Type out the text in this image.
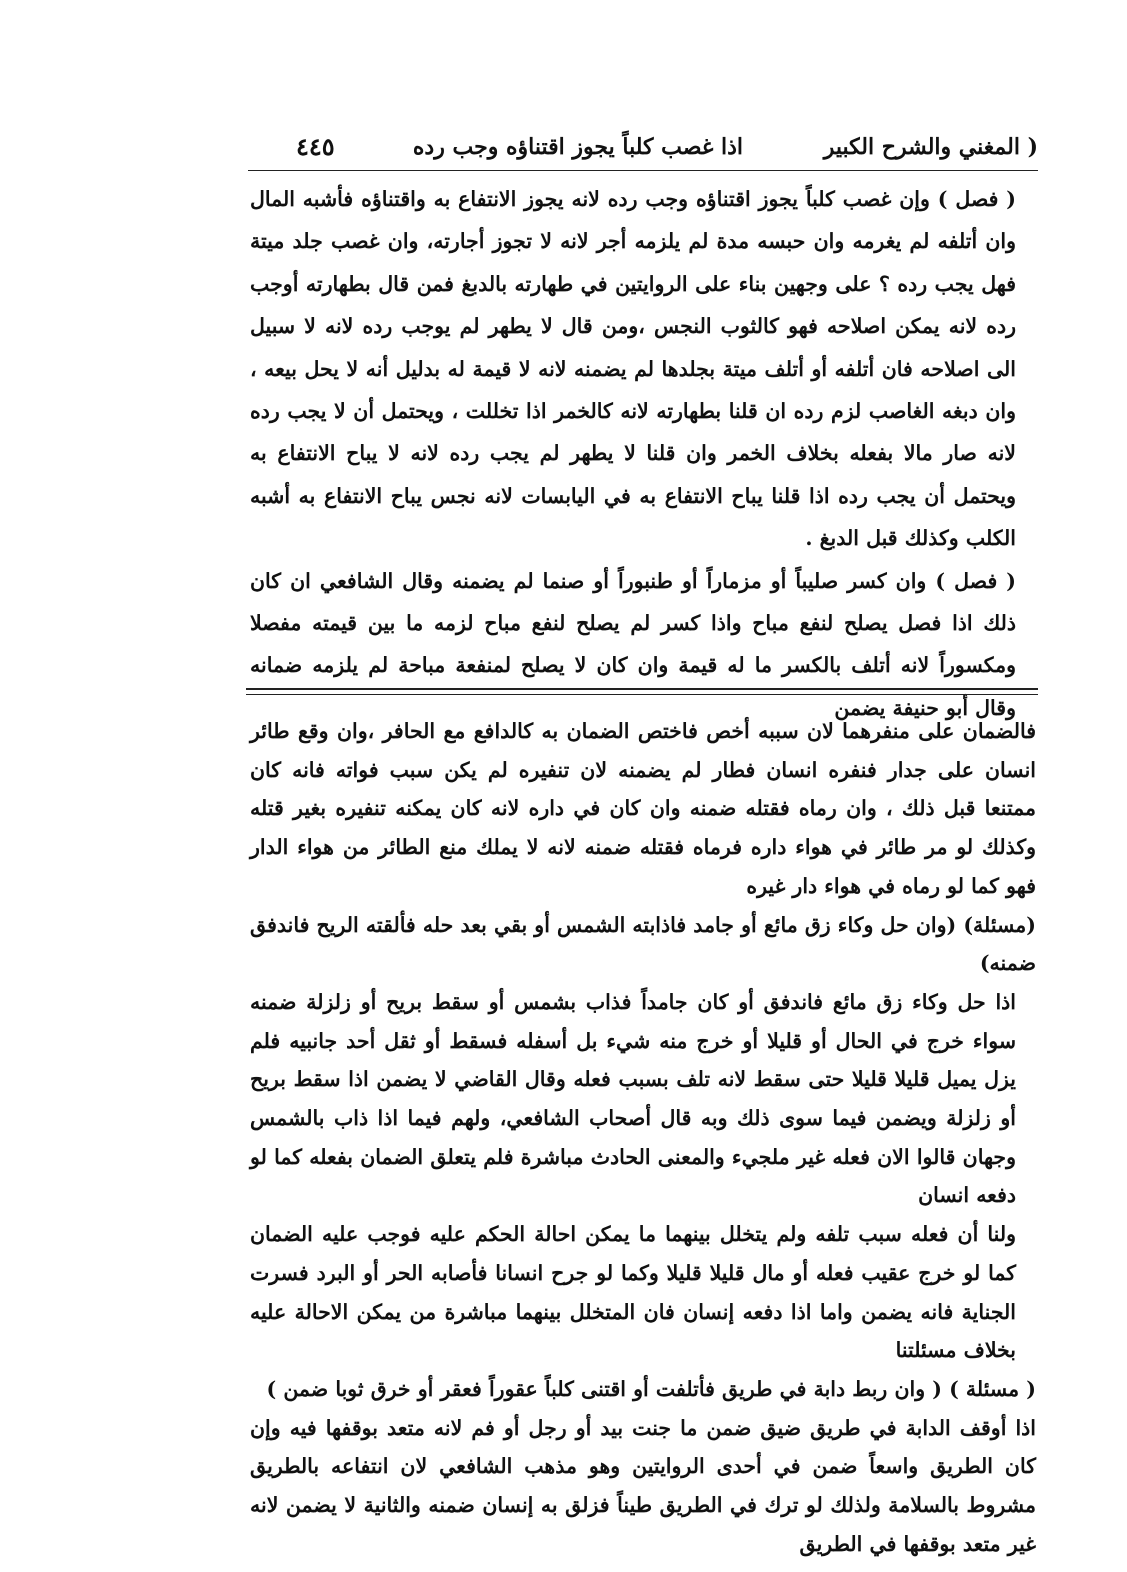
( المغني والشرح الكبير
اذا غصب كلباً يجوز اقتناؤه وجب رده
٤٤٥

( فصل ) وإن غصب كلباً يجوز اقتناؤه وجب رده لانه يجوز الانتفاع به واقتناؤه فأشبه المال وان أتلفه لم يغرمه وان حبسه مدة لم يلزمه أجر لانه لا تجوز أجارته، وان غصب جلد ميتة فهل يجب رده ؟ على وجهين بناء على الروايتين في طهارته بالدبغ فمن قال بطهارته أوجب رده لانه يمكن اصلاحه فهو كالثوب النجس ،ومن قال لا يطهر لم يوجب رده لانه لا سبيل الى اصلاحه فان أتلفه أو أتلف ميتة بجلدها لم يضمنه لانه لا قيمة له بدليل أنه لا يحل بيعه ، وان دبغه الغاصب لزم رده ان قلنا بطهارته لانه كالخمر اذا تخللت ، ويحتمل أن لا يجب رده لانه صار مالا بفعله بخلاف الخمر وان قلنا لا يطهر لم يجب رده لانه لا يباح الانتفاع به ويحتمل أن يجب رده اذا قلنا يباح الانتفاع به في اليابسات لانه نجس يباح الانتفاع به أشبه الكلب وكذلك قبل الدبغ .

( فصل ) وان كسر صليباً أو مزماراً أو طنبوراً أو صنما لم يضمنه وقال الشافعي ان كان ذلك اذا فصل يصلح لنفع مباح واذا كسر لم يصلح لنفع مباح لزمه ما بين قيمته مفصلا ومكسوراً لانه أتلف بالكسر ما له قيمة وان كان لا يصلح لمنفعة مباحة لم يلزمه ضمانه وقال أبو حنيفة يضمن

فالضمان على منفرهما لان سببه أخص فاختص الضمان به كالدافع مع الحافر ،وان وقع طائر انسان على جدار فنفره انسان فطار لم يضمنه لان تنفيره لم يكن سبب فواته فانه كان ممتنعا قبل ذلك ، وان رماه فقتله ضمنه وان كان في داره لانه كان يمكنه تنفيره بغير قتله وكذلك لو مر طائر في هواء داره فرماه فقتله ضمنه لانه لا يملك منع الطائر من هواء الدار فهو كما لو رماه في هواء دار غيره

(مسئلة) (وان حل وكاء زق مائع أو جامد فاذابته الشمس أو بقي بعد حله فألقته الريح فاندفق ضمنه)

اذا حل وكاء زق مائع فاندفق أو كان جامداً فذاب بشمس أو سقط بريح أو زلزلة ضمنه سواء خرج في الحال أو قليلا أو خرج منه شيء بل أسفله فسقط أو ثقل أحد جانبيه فلم يزل يميل قليلا قليلا حتى سقط لانه تلف بسبب فعله وقال القاضي لا يضمن اذا سقط بريح أو زلزلة ويضمن فيما سوى ذلك وبه قال أصحاب الشافعي، ولهم فيما اذا ذاب بالشمس وجهان قالوا الان فعله غير ملجيء والمعنى الحادث مباشرة فلم يتعلق الضمان بفعله كما لو دفعه انسان

ولنا أن فعله سبب تلفه ولم يتخلل بينهما ما يمكن احالة الحكم عليه فوجب عليه الضمان كما لو خرج عقيب فعله أو مال قليلا قليلا وكما لو جرح انسانا فأصابه الحر أو البرد فسرت الجناية فانه يضمن واما اذا دفعه إنسان فان المتخلل بينهما مباشرة من يمكن الاحالة عليه بخلاف مسئلتنا

( مسئلة ) ( وان ربط دابة في طريق فأتلفت أو اقتنى كلباً عقوراً فعقر أو خرق ثوبا ضمن )

اذا أوقف الدابة في طريق ضيق ضمن ما جنت بيد أو رجل أو فم لانه متعد بوقفها فيه وإن كان الطريق واسعاً ضمن في أحدى الروايتين وهو مذهب الشافعي لان انتفاعه بالطريق مشروط بالسلامة ولذلك لو ترك في الطريق طيناً فزلق به إنسان ضمنه والثانية لا يضمن لانه غير متعد بوقفها في الطريق
